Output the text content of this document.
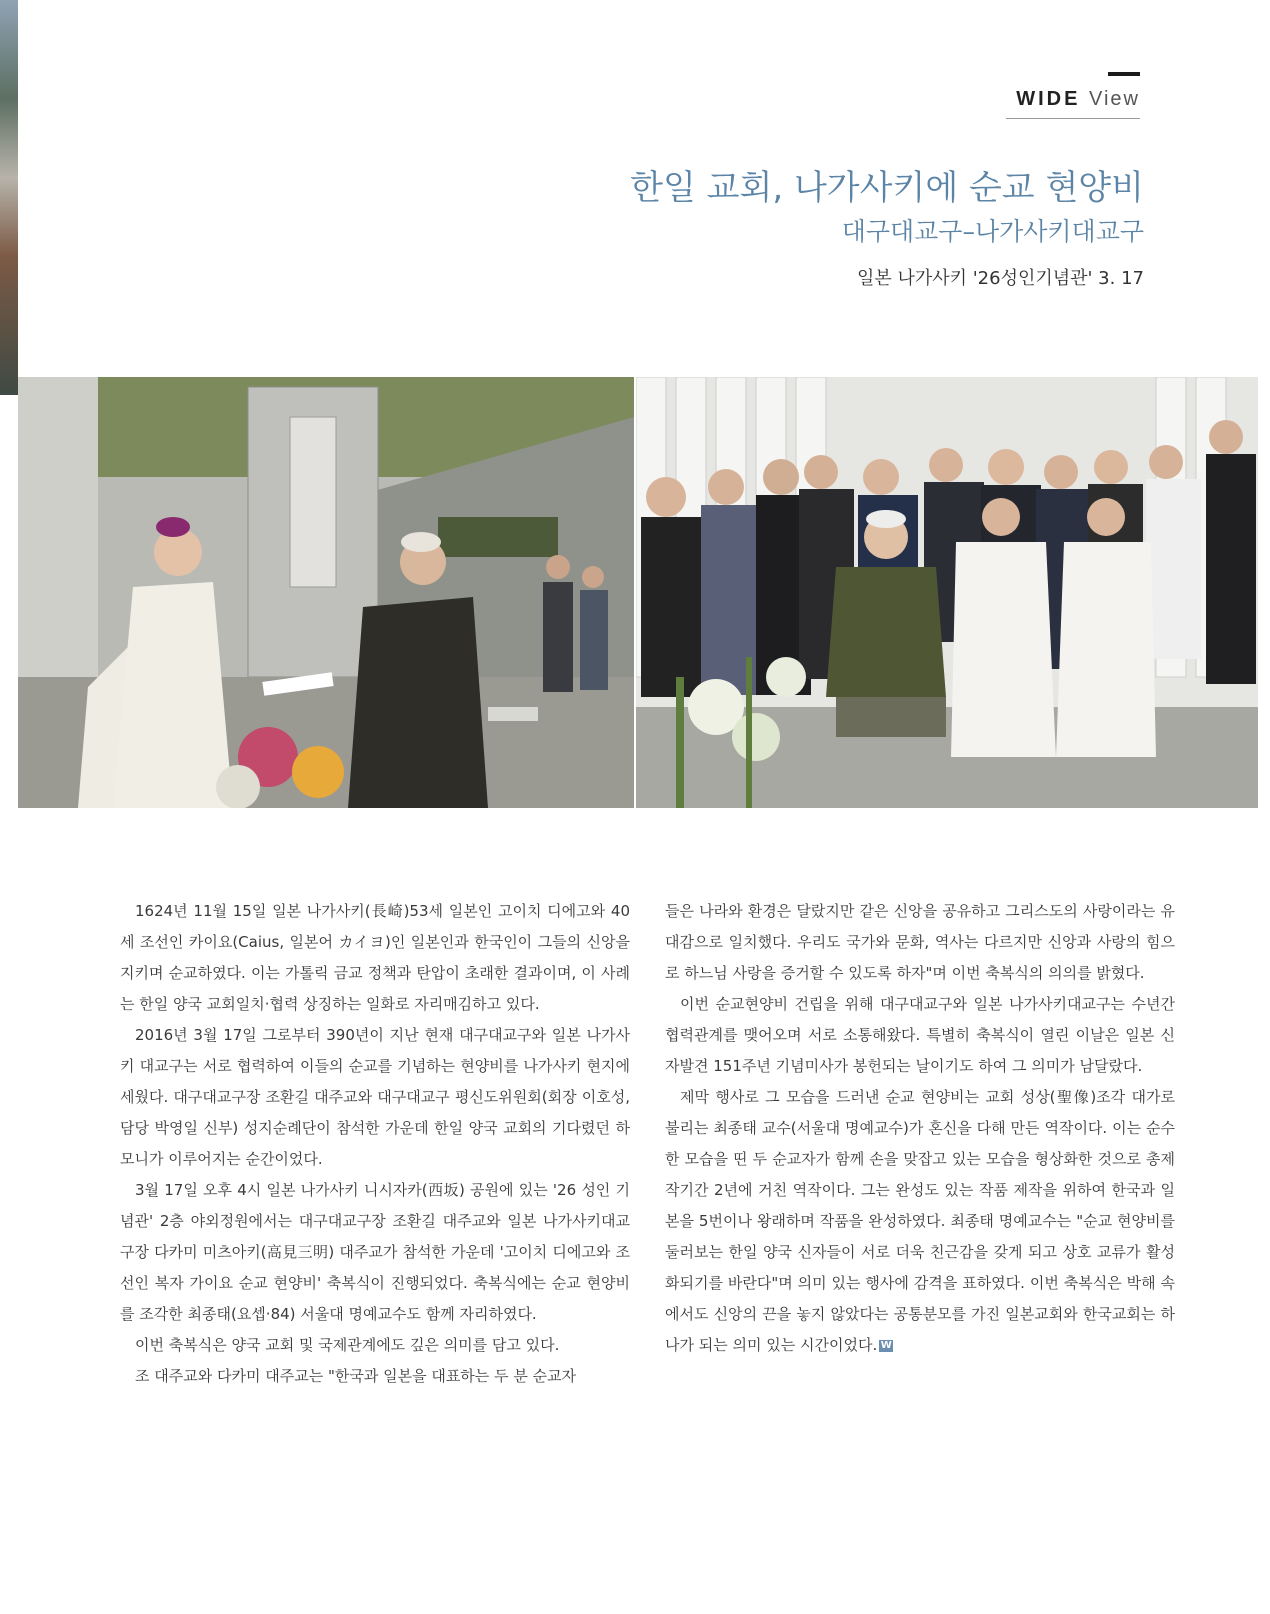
WIDE View
한일 교회, 나가사키에 순교 현양비
대구대교구–나가사키대교구
일본 나가사키 '26성인기념관' 3. 17

1624년 11월 15일 일본 나가사키(長崎)53세 일본인 고이치 디에고와 40세 조선인 카이요(Caius, 일본어 カイヨ)인 일본인과 한국인이 그들의 신앙을 지키며 순교하였다. 이는 가톨릭 금교 정책과 탄압이 초래한 결과이며, 이 사례는 한일 양국 교회일치·협력 상징하는 일화로 자리매김하고 있다.

2016년 3월 17일 그로부터 390년이 지난 현재 대구대교구와 일본 나가사키 대교구는 서로 협력하여 이들의 순교를 기념하는 현양비를 나가사키 현지에 세웠다. 대구대교구장 조환길 대주교와 대구대교구 평신도위원회(회장 이호성, 담당 박영일 신부) 성지순례단이 참석한 가운데 한일 양국 교회의 기다렸던 하모니가 이루어지는 순간이었다.

3월 17일 오후 4시 일본 나가사키 니시자카(西坂) 공원에 있는 '26 성인 기념관' 2층 야외정원에서는 대구대교구장 조환길 대주교와 일본 나가사키대교구장 다카미 미츠아키(高見三明) 대주교가 참석한 가운데 '고이치 디에고와 조선인 복자 가이요 순교 현양비' 축복식이 진행되었다. 축복식에는 순교 현양비를 조각한 최종태(요셉·84) 서울대 명예교수도 함께 자리하였다.

이번 축복식은 양국 교회 및 국제관계에도 깊은 의미를 담고 있다.

조 대주교와 다카미 대주교는 "한국과 일본을 대표하는 두 분 순교자

들은 나라와 환경은 달랐지만 같은 신앙을 공유하고 그리스도의 사랑이라는 유대감으로 일치했다. 우리도 국가와 문화, 역사는 다르지만 신앙과 사랑의 힘으로 하느님 사랑을 증거할 수 있도록 하자"며 이번 축복식의 의의를 밝혔다.

이번 순교현양비 건립을 위해 대구대교구와 일본 나가사키대교구는 수년간 협력관계를 맺어오며 서로 소통해왔다. 특별히 축복식이 열린 이날은 일본 신자발견 151주년 기념미사가 봉헌되는 날이기도 하여 그 의미가 남달랐다.

제막 행사로 그 모습을 드러낸 순교 현양비는 교회 성상(聖像)조각 대가로 불리는 최종태 교수(서울대 명예교수)가 혼신을 다해 만든 역작이다. 이는 순수한 모습을 띤 두 순교자가 함께 손을 맞잡고 있는 모습을 형상화한 것으로 총제작기간 2년에 거친 역작이다. 그는 완성도 있는 작품 제작을 위하여 한국과 일본을 5번이나 왕래하며 작품을 완성하였다. 최종태 명예교수는 "순교 현양비를 둘러보는 한일 양국 신자들이 서로 더욱 친근감을 갖게 되고 상호 교류가 활성화되기를 바란다"며 의미 있는 행사에 감격을 표하였다. 이번 축복식은 박해 속에서도 신앙의 끈을 놓지 않았다는 공통분모를 가진 일본교회와 한국교회는 하나가 되는 의미 있는 시간이었다. W
